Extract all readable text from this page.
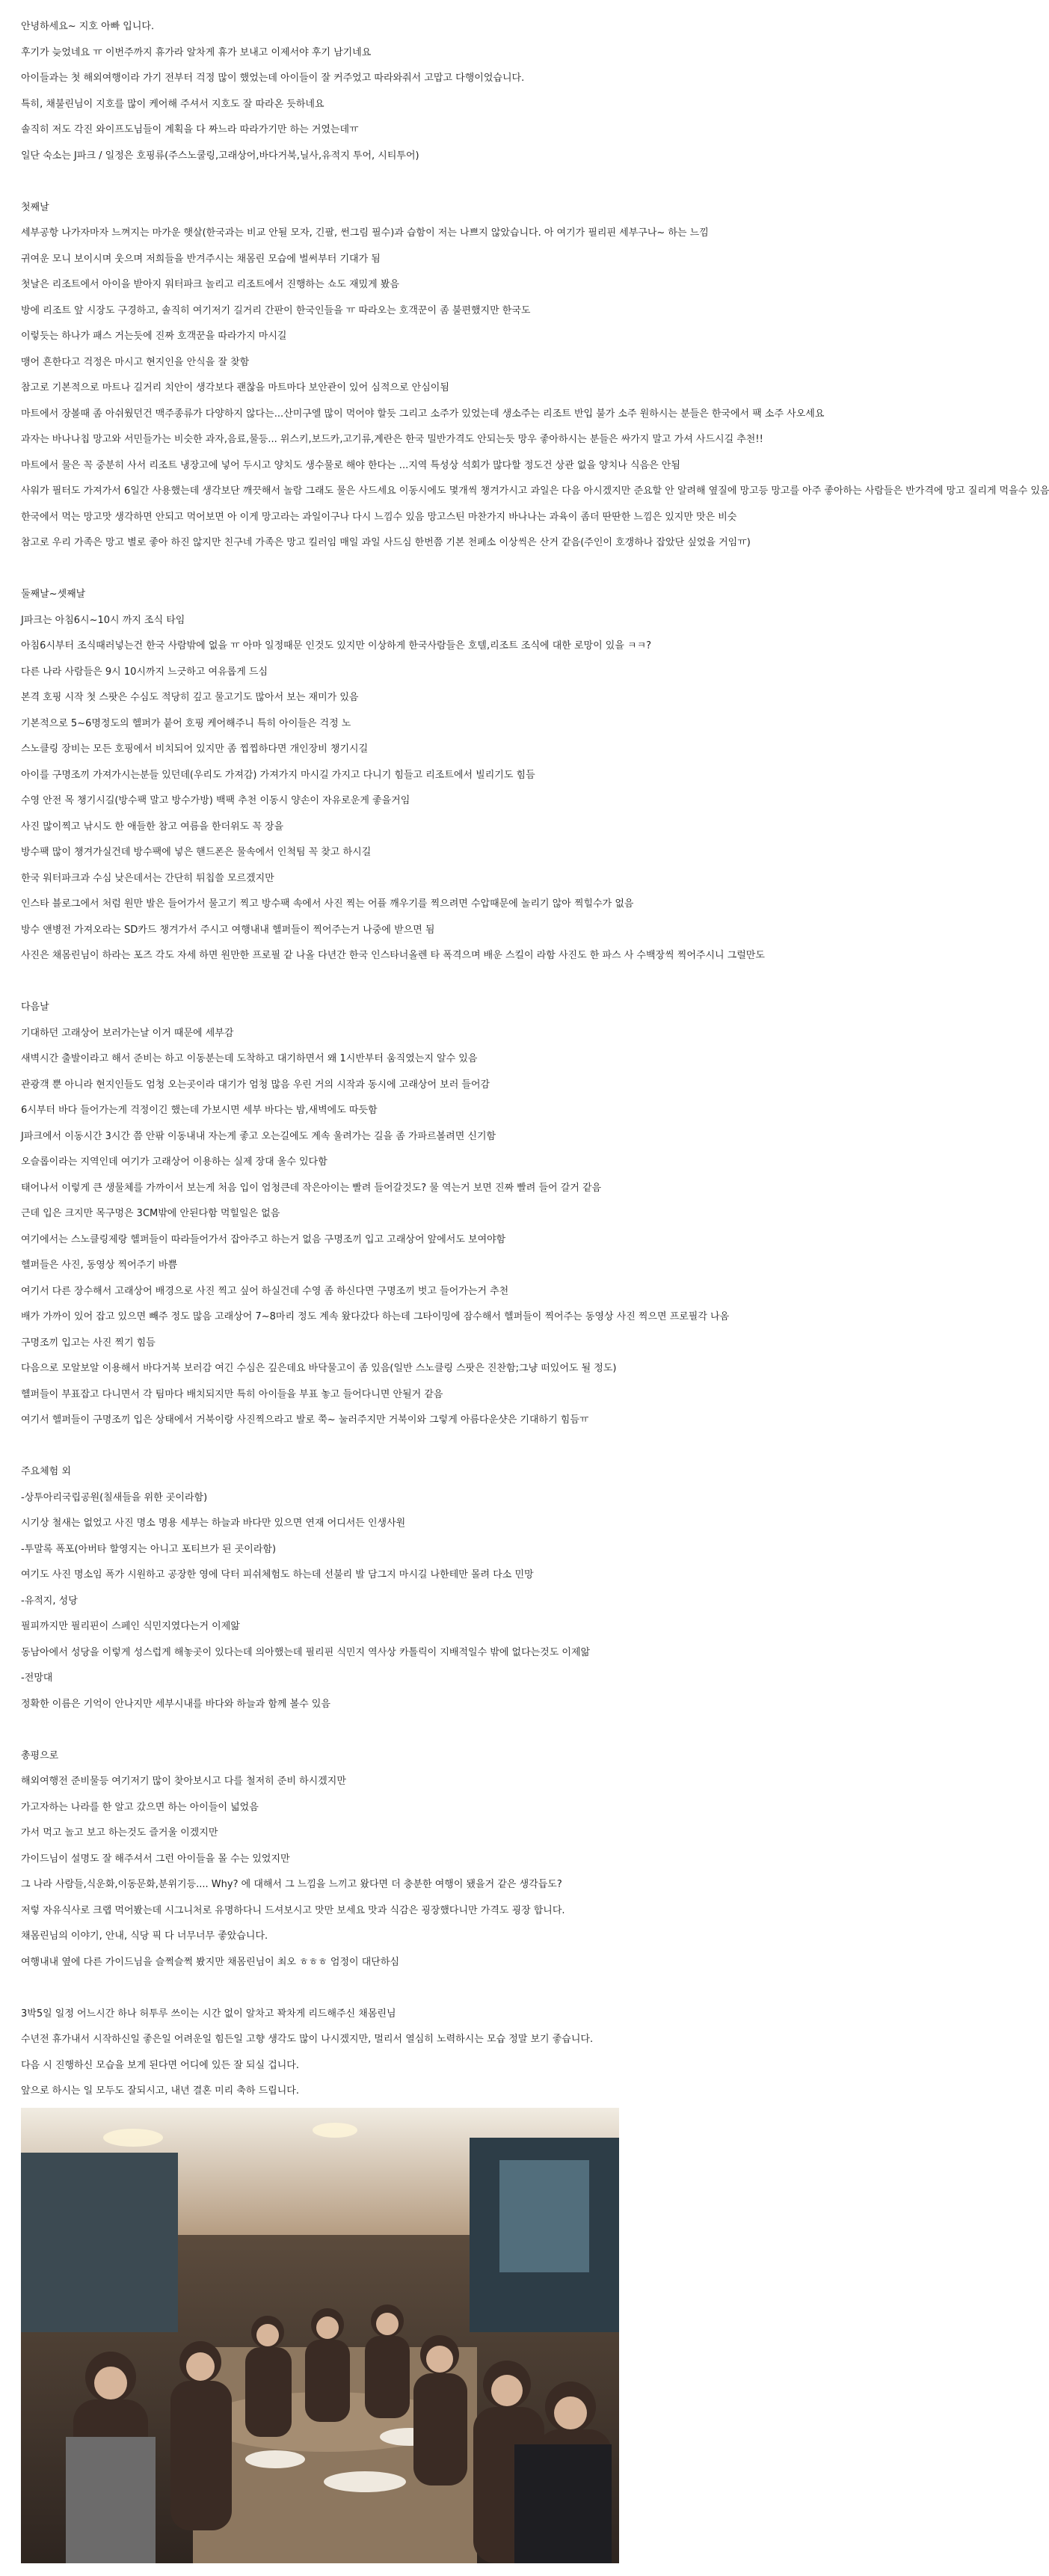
안녕하세요~ 지호 아빠 입니다.
후기가 늦었네요 ㅠ 이번주까지 휴가라 알차게 휴가 보내고 이제서야 후기 남기네요
아이들과는 첫 해외여행이라 가기 전부터 걱정 많이 했었는데 아이들이 잘 커주었고 따라와줘서 고맙고 다행이었습니다.
특히, 채불린님이 지호를 많이 케어해 주셔서 지호도 잘 따라온 듯하네요
솔직히 저도 각진 와이프도님들이 계획을 다 짜느라 따라가기만 하는 거였는데ㅠ
일단 숙소는 J파크 / 일정은 호핑류(주스노쿨링,고래상어,바다거북,닐사,유적지 투어, 시티투어)
첫째날
세부공항 나가자마자 느껴지는 마가운 햇살(한국과는 비교 안될 모자, 긴팔, 썬그림 필수)과 습함이 저는 나쁘지 않았습니다. 아 여기가 필리핀 세부구나~ 하는 느낌
귀여운 모니 보이시며 웃으며 저희들을 반겨주시는 채몸린 모습에 벌써부터 기대가 됨
첫날은 리조트에서 아이을 받아지 워터파크 놀리고 리조트에서 진행하는 쇼도 재밌게 봤음
방에 리조트 앞 시장도 구경하고, 솔직히 여기저기 길거리 간판이 한국인들을 ㅠ 따라오는 호객꾼이 좀 불편했지만 한국도
이렇듯는 하나가 패스 거는듯에 진짜 호객꾼을 따라가지 마시길
맹어 흔한다고 걱정은 마시고 현지인을 안식을 잘 찾함
참고로 기본적으로 마트나 길거리 치안이 생각보다 괜찮을 마트마다 보안관이 있어 심적으로 안심이됨
마트에서 장볼때 좀 아쉬웠던건 맥주종류가 다양하지 않다는...산미구엘 많이 먹어야 할듯 그리고 소주가 있었는데 생소주는 리조트 반입 불가 소주 원하시는 분들은 한국에서 팩 소주 사오세요
과자는 바나나칩 망고와 서민들가는 비슷한 과자,음료,물등... 위스키,보드카,고기류,계란은 한국 밀반가격도 안되는듯 망우 좋아하시는 분들은 싸가지 말고 가셔 사드시길 추천!!
마트에서 물은 꼭 중분히 사서 리조트 냉장고에 넣어 두시고 양치도 생수물로 해야 한다는 ...지역 특성상 석회가 많다할 정도건 상관 없을 양치나 식음은 안됨
사워가 필터도 가져가서 6일간 사용했는데 생각보단 깨끗해서 놀람 그래도 물은 사드세요 이동시에도 몇개씩 챙겨가시고 과일은 다음 아시겠지만 준요할 안 알려해 옆질에 망고등 망고를 아주 좋아하는 사람들은 반가격에 망고 질리게 먹을수 있음
한국에서 먹는 망고맛 생각하면 안되고 먹어보면 아 이게 망고라는 과일이구나 다시 느낌수 있음 망고스틴 마찬가지 바나나는 과육이 좀더 딴딴한 느낌은 있지만 맛은 비슷
참고로 우리 가족은 망고 별로 좋아 하진 않지만 친구네 가족은 망고 킬러임 매일 과일 사드심 한번쯤 기본 천페소 이상씩은 산거 같음(주인이 호갱하나 잡았단 싶었을 거임ㅠ)
둘째날~셋째날
J파크는 아침6시~10시 까지 조식 타임
아침6시부터 조식때러넣는건 한국 사람밖에 없을 ㅠ 아마 일정때문 인것도 있지만 이상하게 한국사람들은 호텔,리조트 조식에 대한 로망이 있을 ㅋㅋ?
다른 나라 사람들은 9시 10시까지 느긋하고 여유롭게 드심
본격 호핑 시작 첫 스팟은 수심도 적당히 깊고 물고기도 많아서 보는 재미가 있음
기본적으로 5~6명정도의 헬퍼가 붙어 호핑 케어해주니 특히 아이들은 걱정 노
스노클링 장비는 모든 호핑에서 비치되어 있지만 좀 찝찝하다면 개인장비 챙기시길
아이를 구명조끼 가져가시는분들 있던데(우리도 가져감) 가져가지 마시길 가지고 다니기 힘들고 리조트에서 빌리기도 힘듬
수영 안전 목 챙기시길(방수팩 말고 방수가방) 백팩 추천 이동시 양손이 자유로운게 좋을거임
사진 많이찍고 낚시도 한 애들한 참고 여름을 한더위도 꼭 장을
방수팩 많이 챙겨가실건데 방수팩에 넣은 핸드폰은 물속에서 인척팀 꼭 찾고 하시길
한국 워터파크과 수심 낮은데서는 간단히 튀칩쓸 모르겠지만
인스타 블로그에서 처럼 원만 발은 들어가서 물고기 찍고 방수팩 속에서 사진 찍는 어플 깨우기를 찍으려면 수압때문에 놀리기 않아 찍힐수가 없음
방수 앤병전 가져오라는 SD카드 챙겨가서 주시고 여행내내 헬퍼들이 찍어주는거 나중에 받으면 됨
사진은 채몸린님이 하라는 포즈 각도 자세 하면 원만한 프로필 같 나올 다년간 한국 인스타너올렌 타 폭격으며 배운 스킬이 라함 사진도 한 파스 사 수백장씩 찍어주시니 그럴만도
다음날
기대하던 고래상어 보러가는날 이거 때문에 세부감
새벽시간 출발이라고 해서 준비는 하고 이동분는데 도착하고 대기하면서 왜 1시반부터 움직였는지 알수 있음
관광객 뿐 아니라 현지인들도 엄청 오는곳이라 대기가 엄청 많음 우린 거의 시작과 동시에 고래상어 보러 들어감
6시부터 바다 들어가는게 걱정이긴 했는데 가보시면 세부 바다는 밤,새벽에도 따듯함
J파크에서 이동시간 3시간 쯤 안팎 이동내내 자는게 좋고 오는길에도 계속 울려가는 길을 좀 가파르볼려면 신기함
오슬롭이라는 지역인데 여기가 고래상어 이용하는 실제 장대 울수 있다함
태어나서 이렇게 큰 생물체를 가까이서 보는게 처음 입이 엄청큰데 작은아이는 빨려 들어갈것도? 물 역는거 보면 진짜 빨려 들어 갈거 같음
근데 입은 크지만 목구멍은 3CM밖에 안된다함 먹힐일은 없음
여기에서는 스노클링제랑 헬퍼들이 따라들어가서 잡아주고 하는거 없음 구명조끼 입고 고래상어 앞에서도 보여야함
헬퍼들은 사진, 동영상 찍어주기 바쁨
여기서 다른 장수해서 고래상어 배경으로 사진 찍고 싶어 하실건데 수영 좀 하신다면 구명조끼 벗고 들어가는거 추천
배가 가까이 있어 잡고 있으면 빼주 정도 많음 고래상어 7~8마리 정도 계속 왔다갔다 하는데 그타이밍에 잠수해서 헬퍼들이 찍어주는 동영상 사진 찍으면 프로필각 나옴
구명조끼 입고는 사진 찍기 힘듬
다음으로 모알보알 이용해서 바다거북 보러감 여긴 수심은 깊은데요 바닥물고이 좀 있음(일반 스노클링 스팟은 진찬함;그냥 떠있어도 될 정도)
헬퍼들이 부표잡고 다니면서 각 팀마다 배치되지만 특히 아이들을 부표 놓고 들어다니면 안될거 같음
여기서 헬퍼들이 구명조끼 입은 상태에서 거북이랑 사진찍으라고 발로 쭉~ 눌러주지만 거북이와 그렇게 아름다운샷은 기대하기 힘듬ㅠ
주요체험 외
-상투아리국립공원(칠새들을 위한 곳이라함)
시기상 철새는 없었고 사진 명소 명용 세부는 하늘과 바다만 있으면 연재 어디서든 인생사원
-투말록 폭포(아버타 할영지는 아니고 포티브가 된 곳이라함)
여기도 사진 명소임 폭가 시원하고 공장한 영에 닥터 피쉬체험도 하는데 선불리 발 담그지 마시길 나한테만 몰려 다소 민망
-유적지, 성당
필피까지만 필리핀이 스페인 식민지였다는거 이제앎
동남아에서 성당을 이렇게 성스럽게 해놓곳이 있다는데 의아했는데 필리핀 식민지 역사상 카톨릭이 지배적일수 밖에 없다는것도 이제앎
-전망대
정확한 이름은 기억이 안나지만 세부시내를 바다와 하늘과 함께 볼수 있음
총평으로
해외여행전 준비물등 여기저기 많이 찾아보시고 다를 철저히 준비 하시겠지만
가고자하는 나라를 한 알고 갔으면 하는 아이들이 넓었음
가서 먹고 놀고 보고 하는것도 즐거울 이겠지만
가이드님이 설명도 잘 해주셔서 그런 아이들을 몰 수는 있었지만
그 나라 사람들,식운화,이동문화,분위기등.... Why? 에 대해서 그 느낌을 느끼고 왔다면 더 충분한 여행이 됐을거 같은 생각듭도?
저렇 자유식사로 크랩 먹어봤는데 시그니처로 유명하다니 드셔보시고 맛만 보세요 맛과 식감은 굉장했다니만 가격도 굉장 합니다.
채몸린님의 이야기, 안내, 식당 픽 다 너무너무 좋았습니다.
여행내내 옆에 다른 가이드님을 슬쩍슬쩍 봤지만 채몸린님이 최오 ㅎㅎㅎ 엄정이 대단하심
3박5일 일정 어느시간 하나 허투루 쓰이는 시간 없이 알차고 꽉차게 리드해주신 채몸린님
수년전 휴가내서 시작하신일 좋은일 어려운일 힘든일 고향 생각도 많이 나시겠지만, 멀리서 열심히 노력하시는 모습 정말 보기 좋습니다.
다음 시 진행하신 모습을 보게 된다면 어디에 있든 잘 되실 겁니다.
앞으로 하시는 일 모두도 잘되시고, 내년 결혼 미리 축하 드립니다.
